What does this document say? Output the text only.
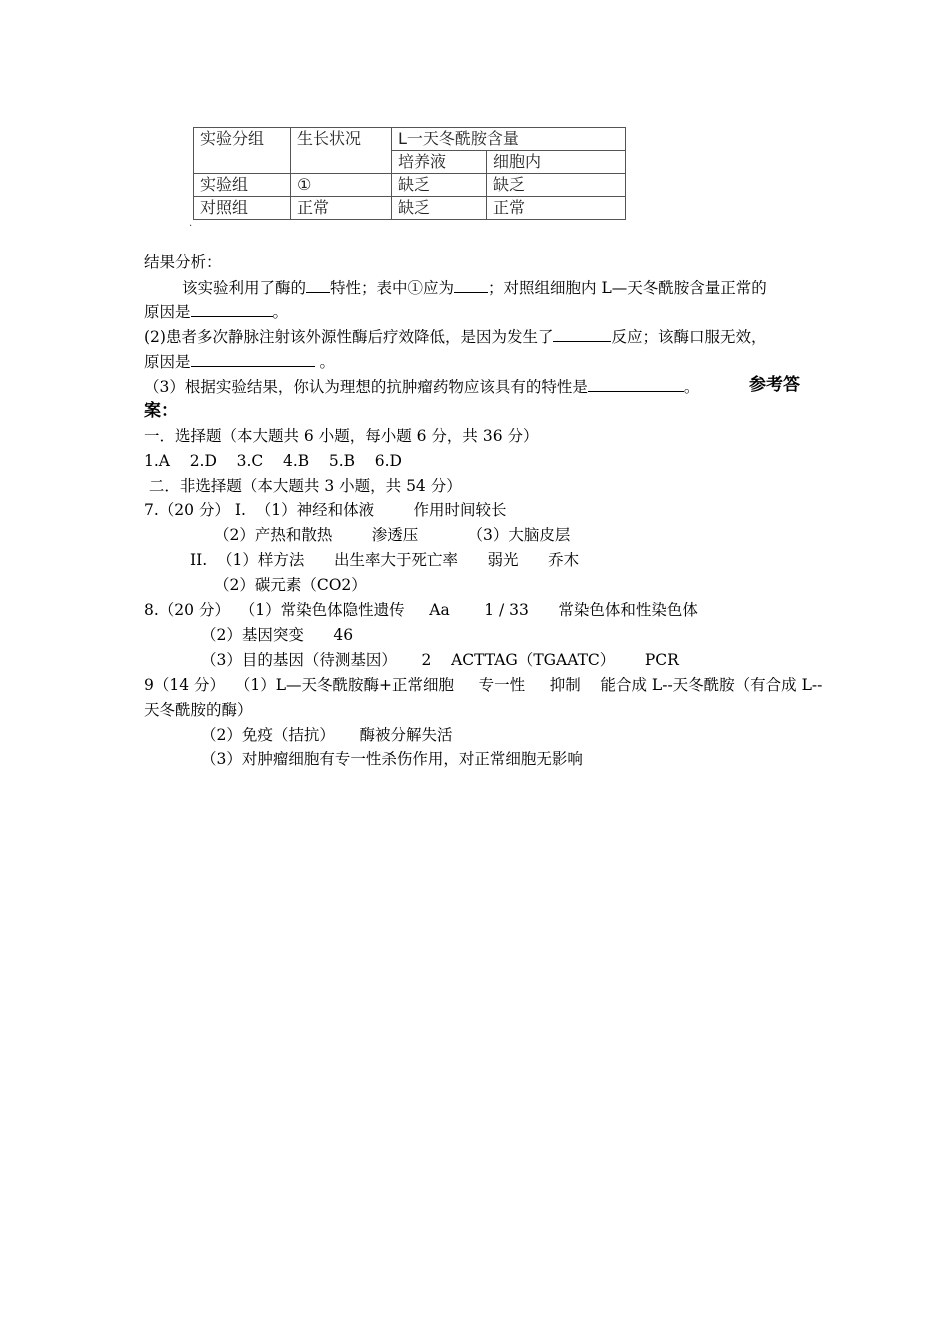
实验分组	生长状况	L一天冬酰胺含量	
		培养液	细胞内
实验组	①	缺乏	缺乏
对照组	正常	缺乏	正常
.
结果分析：
该实验利用了酶的 特性；表中①应为 ；对照组细胞内 L—天冬酰胺含量正常的
原因是	。
(2)患者多次静脉注射该外源性酶后疗效降低，是因为发生了	反应；该酶口服无效，
原因是	。
（3）根据实验结果，你认为理想的抗肿瘤药物应该具有的特性是	。	参考答
案：
一．选择题（本大题共 6 小题，每小题 6 分，共 36 分）
1.A    2.D    3.C    4.B    5.B    6.D
二．非选择题（本大题共 3 小题，共 54 分）
7.（20 分） I.  （1）神经和体液        作用时间较长
（2）产热和散热        渗透压          （3）大脑皮层
II.  （1）样方法      出生率大于死亡率      弱光      乔木
（2）碳元素（CO2）
8.（20 分）  （1）常染色体隐性遗传     Aa       1 / 33      常染色体和性染色体
（2）基因突变      46
（3）目的基因（待测基因）     2    ACTTAG（TGAATC）      PCR
9（14 分）  （1）L—天冬酰胺酶+正常细胞     专一性     抑制    能合成 L--天冬酰胺（有合成 L--
天冬酰胺的酶）
（2）免疫（拮抗）     酶被分解失活
（3）对肿瘤细胞有专一性杀伤作用，对正常细胞无影响
